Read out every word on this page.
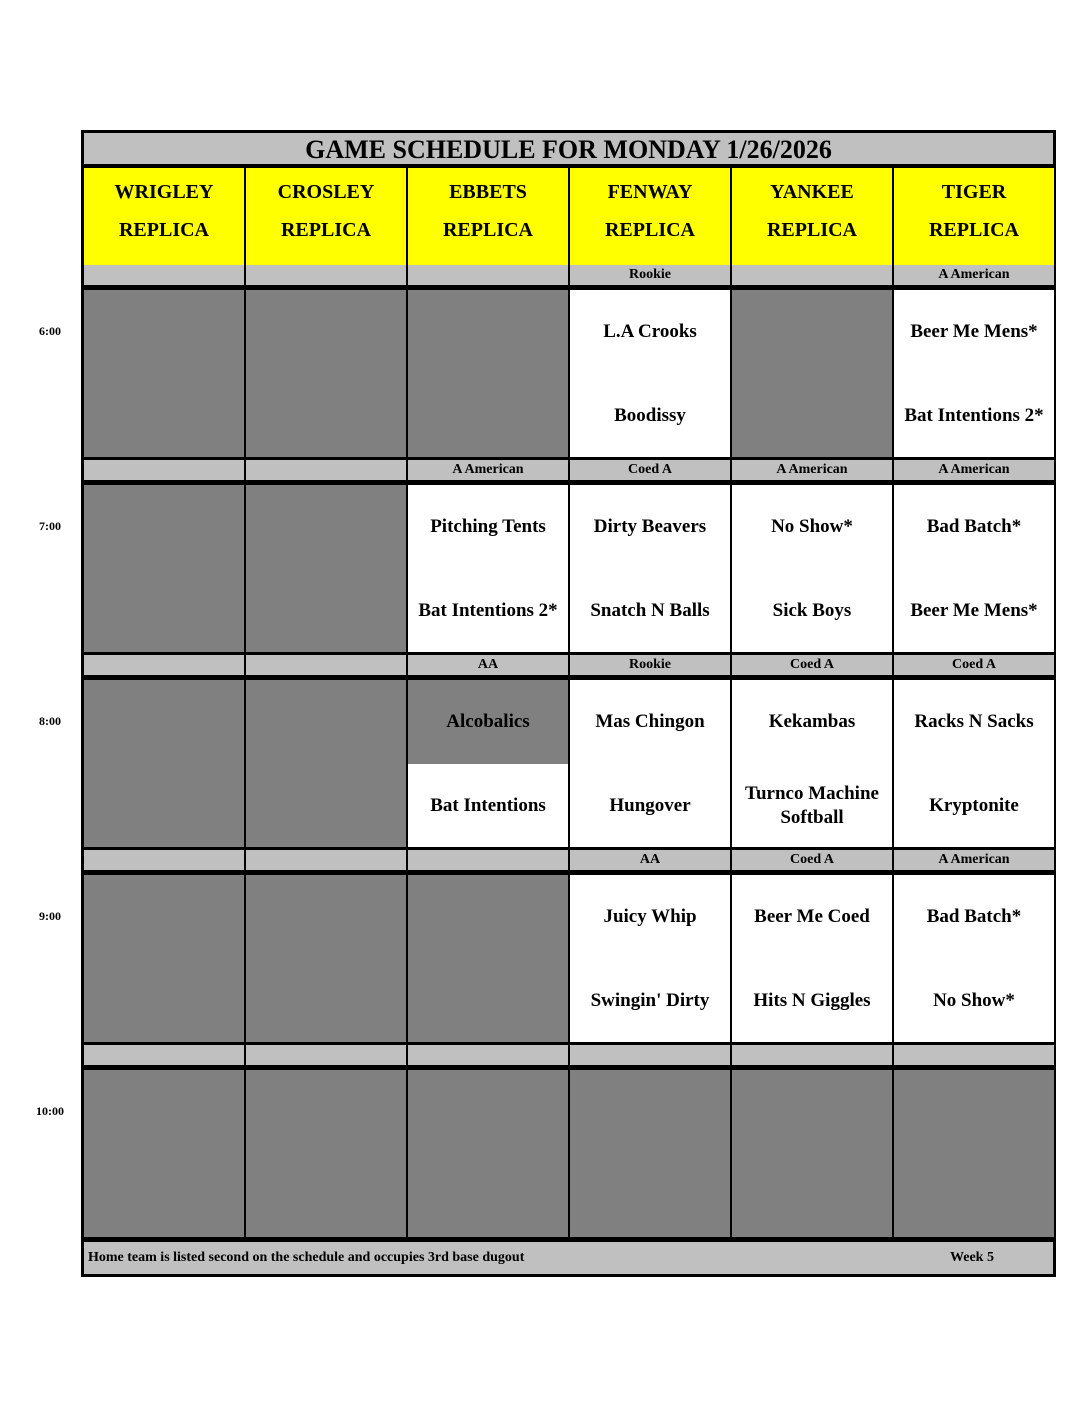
GAME SCHEDULE FOR MONDAY 1/26/2026
WRIGLEY
REPLICA
CROSLEY
REPLICA
EBBETS
REPLICA
FENWAY
REPLICA
YANKEE
REPLICA
TIGER
REPLICA
Rookie
L.A Crooks
Boodissy
A American
Beer Me Mens*
Bat Intentions 2*
A American
Pitching Tents
Bat Intentions 2*
Coed A
Dirty Beavers
Snatch N Balls
A American
No Show*
Sick Boys
A American
Bad Batch*
Beer Me Mens*
AA
Alcobalics
Bat Intentions
Rookie
Mas Chingon
Hungover
Coed A
Kekambas
Turnco Machine Softball
Coed A
Racks N Sacks
Kryptonite
AA
Juicy Whip
Swingin' Dirty
Coed A
Beer Me Coed
Hits N Giggles
A American
Bad Batch*
No Show*
Home team is listed second on the schedule and occupies 3rd base dugout	Week 5
6:00
7:00
8:00
9:00
10:00
